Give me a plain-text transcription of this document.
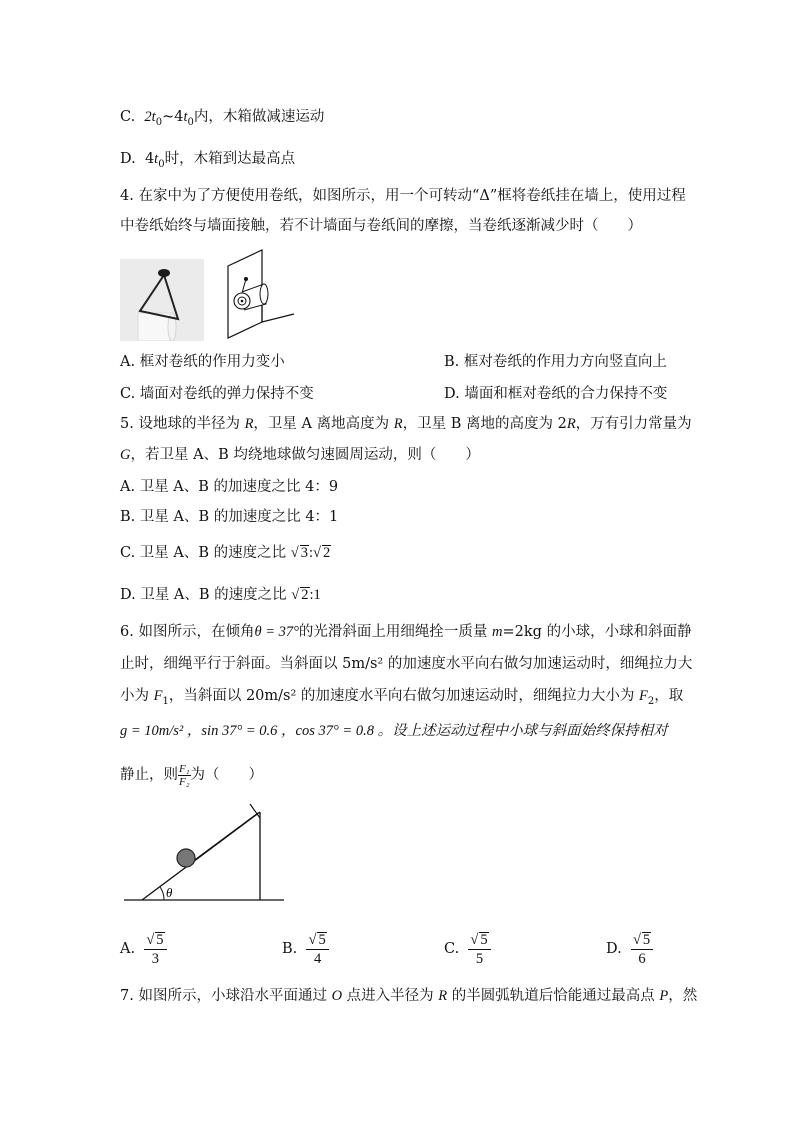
C. $2t_0\sim 4t_0$内，木箱做减速运动
D. $4t_0$时，木箱到达最高点
4. 在家中为了方便使用卷纸，如图所示，用一个可转动“Δ”框将卷纸挂在墙上，使用过程
中卷纸始终与墙面接触，若不计墙面与卷纸间的摩擦，当卷纸逐渐减少时（　　）
A. 框对卷纸的作用力变小	B. 框对卷纸的作用力方向竖直向上
C. 墙面对卷纸的弹力保持不变	D. 墙面和框对卷纸的合力保持不变
5. 设地球的半径为 R，卫星 A 离地高度为 R，卫星 B 离地的高度为 2R，万有引力常量为
G，若卫星 A、B 均绕地球做匀速圆周运动，则（　　）
A. 卫星 A、B 的加速度之比 4：9
B. 卫星 A、B 的加速度之比 4：1
C. 卫星 A、B 的速度之比 √ 3:√ 2
D. 卫星 A、B 的速度之比 √ 2:1
6. 如图所示，在倾角θ = 37°的光滑斜面上用细绳拴一质量 m=2kg 的小球，小球和斜面静
止时，细绳平行于斜面。当斜面以 5m/s² 的加速度水平向右做匀加速运动时，细绳拉力大
小为 $F_1$，当斜面以 20m/s² 的加速度水平向右做匀加速运动时，细绳拉力大小为 $F_2$，取
g = 10m/s² ，sin 37° = 0.6 ，cos 37° = 0.8 。设上述运动过程中小球与斜面始终保持相对
静止，则 $\frac{\text{F₁}}{\text{F₂}}$ 为（　　）
θ
A. $\frac{√ 5}{3}$	B. $\frac{√ 5}{4}$	C. $\frac{√ 5}{5}$	D. $\frac{√ 5}{6}$
7. 如图所示，小球沿水平面通过 O 点进入半径为 R 的半圆弧轨道后恰能通过最高点 P，然
